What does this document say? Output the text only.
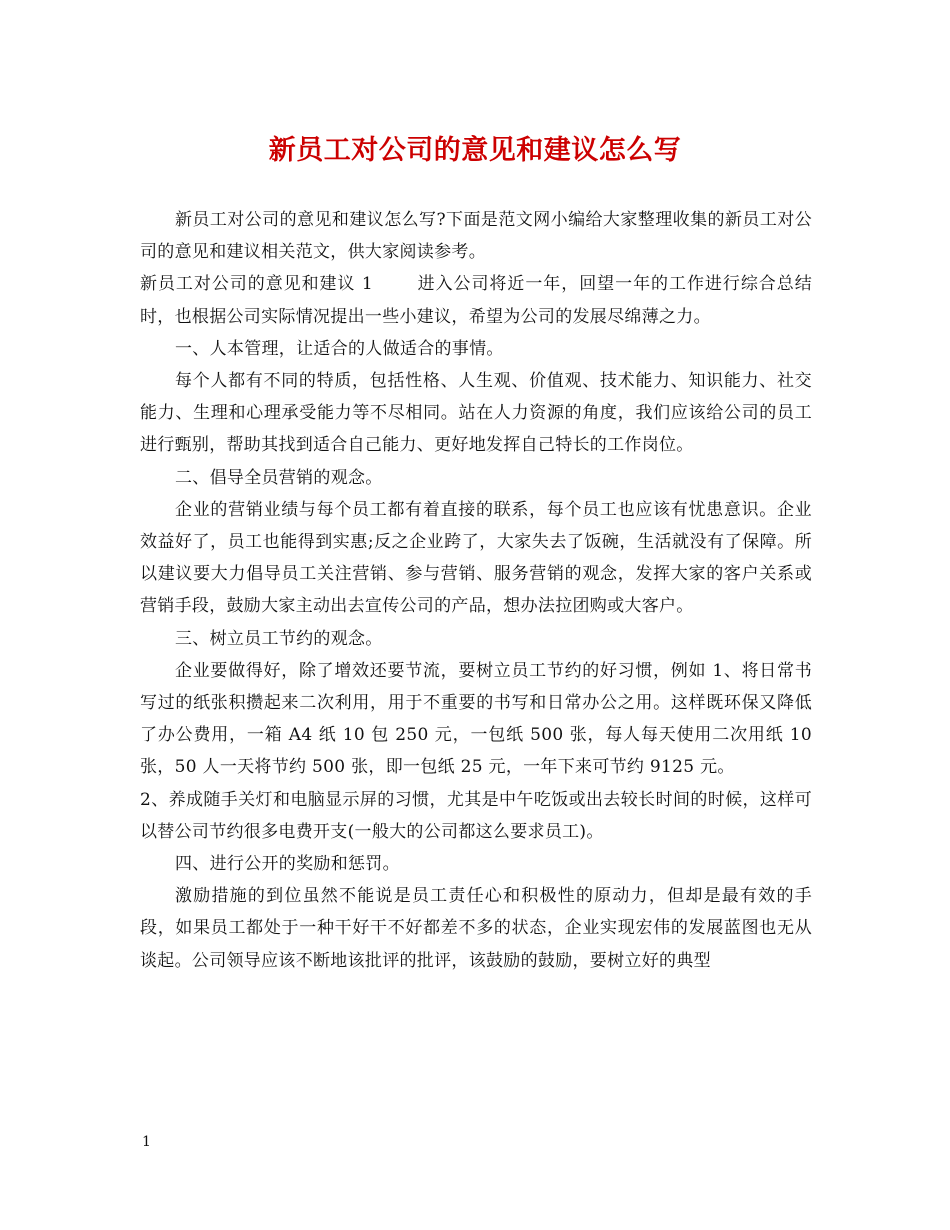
新员工对公司的意见和建议怎么写

新员工对公司的意见和建议怎么写?下面是范文网小编给大家整理收集的新员工对公司的意见和建议相关范文，供大家阅读参考。

新员工对公司的意见和建议 1	进入公司将近一年，回望一年的工作进行综合总结时，也根据公司实际情况提出一些小建议，希望为公司的发展尽绵薄之力。

一、人本管理，让适合的人做适合的事情。

每个人都有不同的特质，包括性格、人生观、价值观、技术能力、知识能力、社交能力、生理和心理承受能力等不尽相同。站在人力资源的角度，我们应该给公司的员工进行甄别，帮助其找到适合自己能力、更好地发挥自己特长的工作岗位。

二、倡导全员营销的观念。

企业的营销业绩与每个员工都有着直接的联系，每个员工也应该有忧患意识。企业效益好了，员工也能得到实惠;反之企业跨了，大家失去了饭碗，生活就没有了保障。所以建议要大力倡导员工关注营销、参与营销、服务营销的观念，发挥大家的客户关系或营销手段，鼓励大家主动出去宣传公司的产品，想办法拉团购或大客户。

三、树立员工节约的观念。

企业要做得好，除了增效还要节流，要树立员工节约的好习惯，例如 1、将日常书写过的纸张积攒起来二次利用，用于不重要的书写和日常办公之用。这样既环保又降低了办公费用，一箱 A4 纸 10 包 250 元，一包纸 500 张，每人每天使用二次用纸 10 张，50 人一天将节约 500 张，即一包纸 25 元，一年下来可节约 9125 元。

2、养成随手关灯和电脑显示屏的习惯，尤其是中午吃饭或出去较长时间的时候，这样可以替公司节约很多电费开支(一般大的公司都这么要求员工)。

四、进行公开的奖励和惩罚。

激励措施的到位虽然不能说是员工责任心和积极性的原动力，但却是最有效的手段，如果员工都处于一种干好干不好都差不多的状态，企业实现宏伟的发展蓝图也无从谈起。公司领导应该不断地该批评的批评，该鼓励的鼓励，要树立好的典型

1
